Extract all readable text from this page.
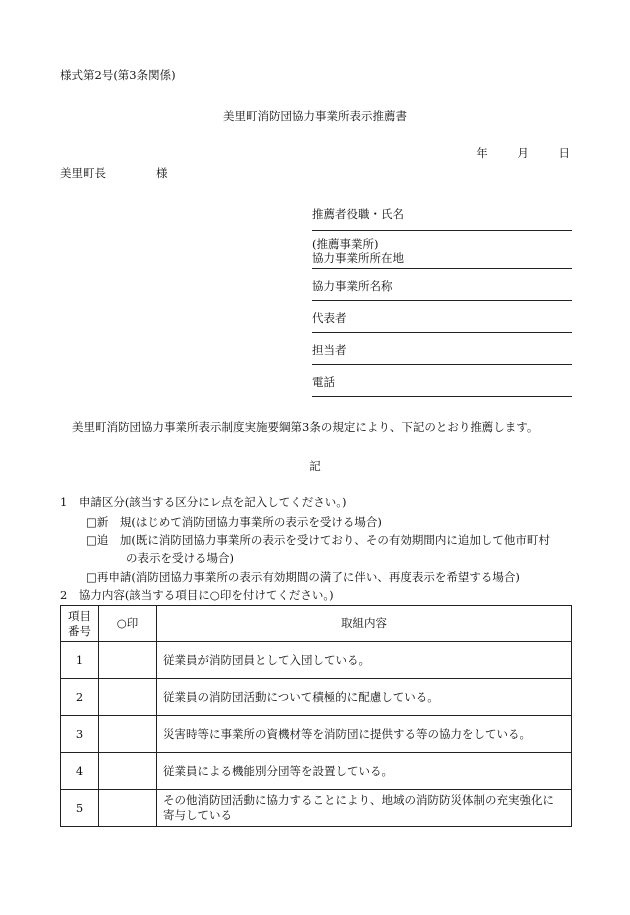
様式第2号(第3条関係)
美里町消防団協力事業所表示推薦書
年	月	日
美里町長	様
推薦者役職・氏名
(推薦事業所)
協力事業所所在地
協力事業所名称
代表者
担当者
電話
美里町消防団協力事業所表示制度実施要綱第3条の規定により、下記のとおり推薦します。
記
1　申請区分(該当する区分にレ点を記入してください。)
□新　規(はじめて消防団協力事業所の表示を受ける場合)
□追　加(既に消防団協力事業所の表示を受けており、その有効期間内に追加して他市町村
の表示を受ける場合)
□再申請(消防団協力事業所の表示有効期間の満了に伴い、再度表示を希望する場合)
2　協力内容(該当する項目に○印を付けてください。)
項目
番号	○印	取組内容
1		従業員が消防団員として入団している。
2		従業員の消防団活動について積極的に配慮している。
3		災害時等に事業所の資機材等を消防団に提供する等の協力をしている。
4		従業員による機能別分団等を設置している。
5		その他消防団活動に協力することにより、地域の消防防災体制の充実強化に
寄与している
